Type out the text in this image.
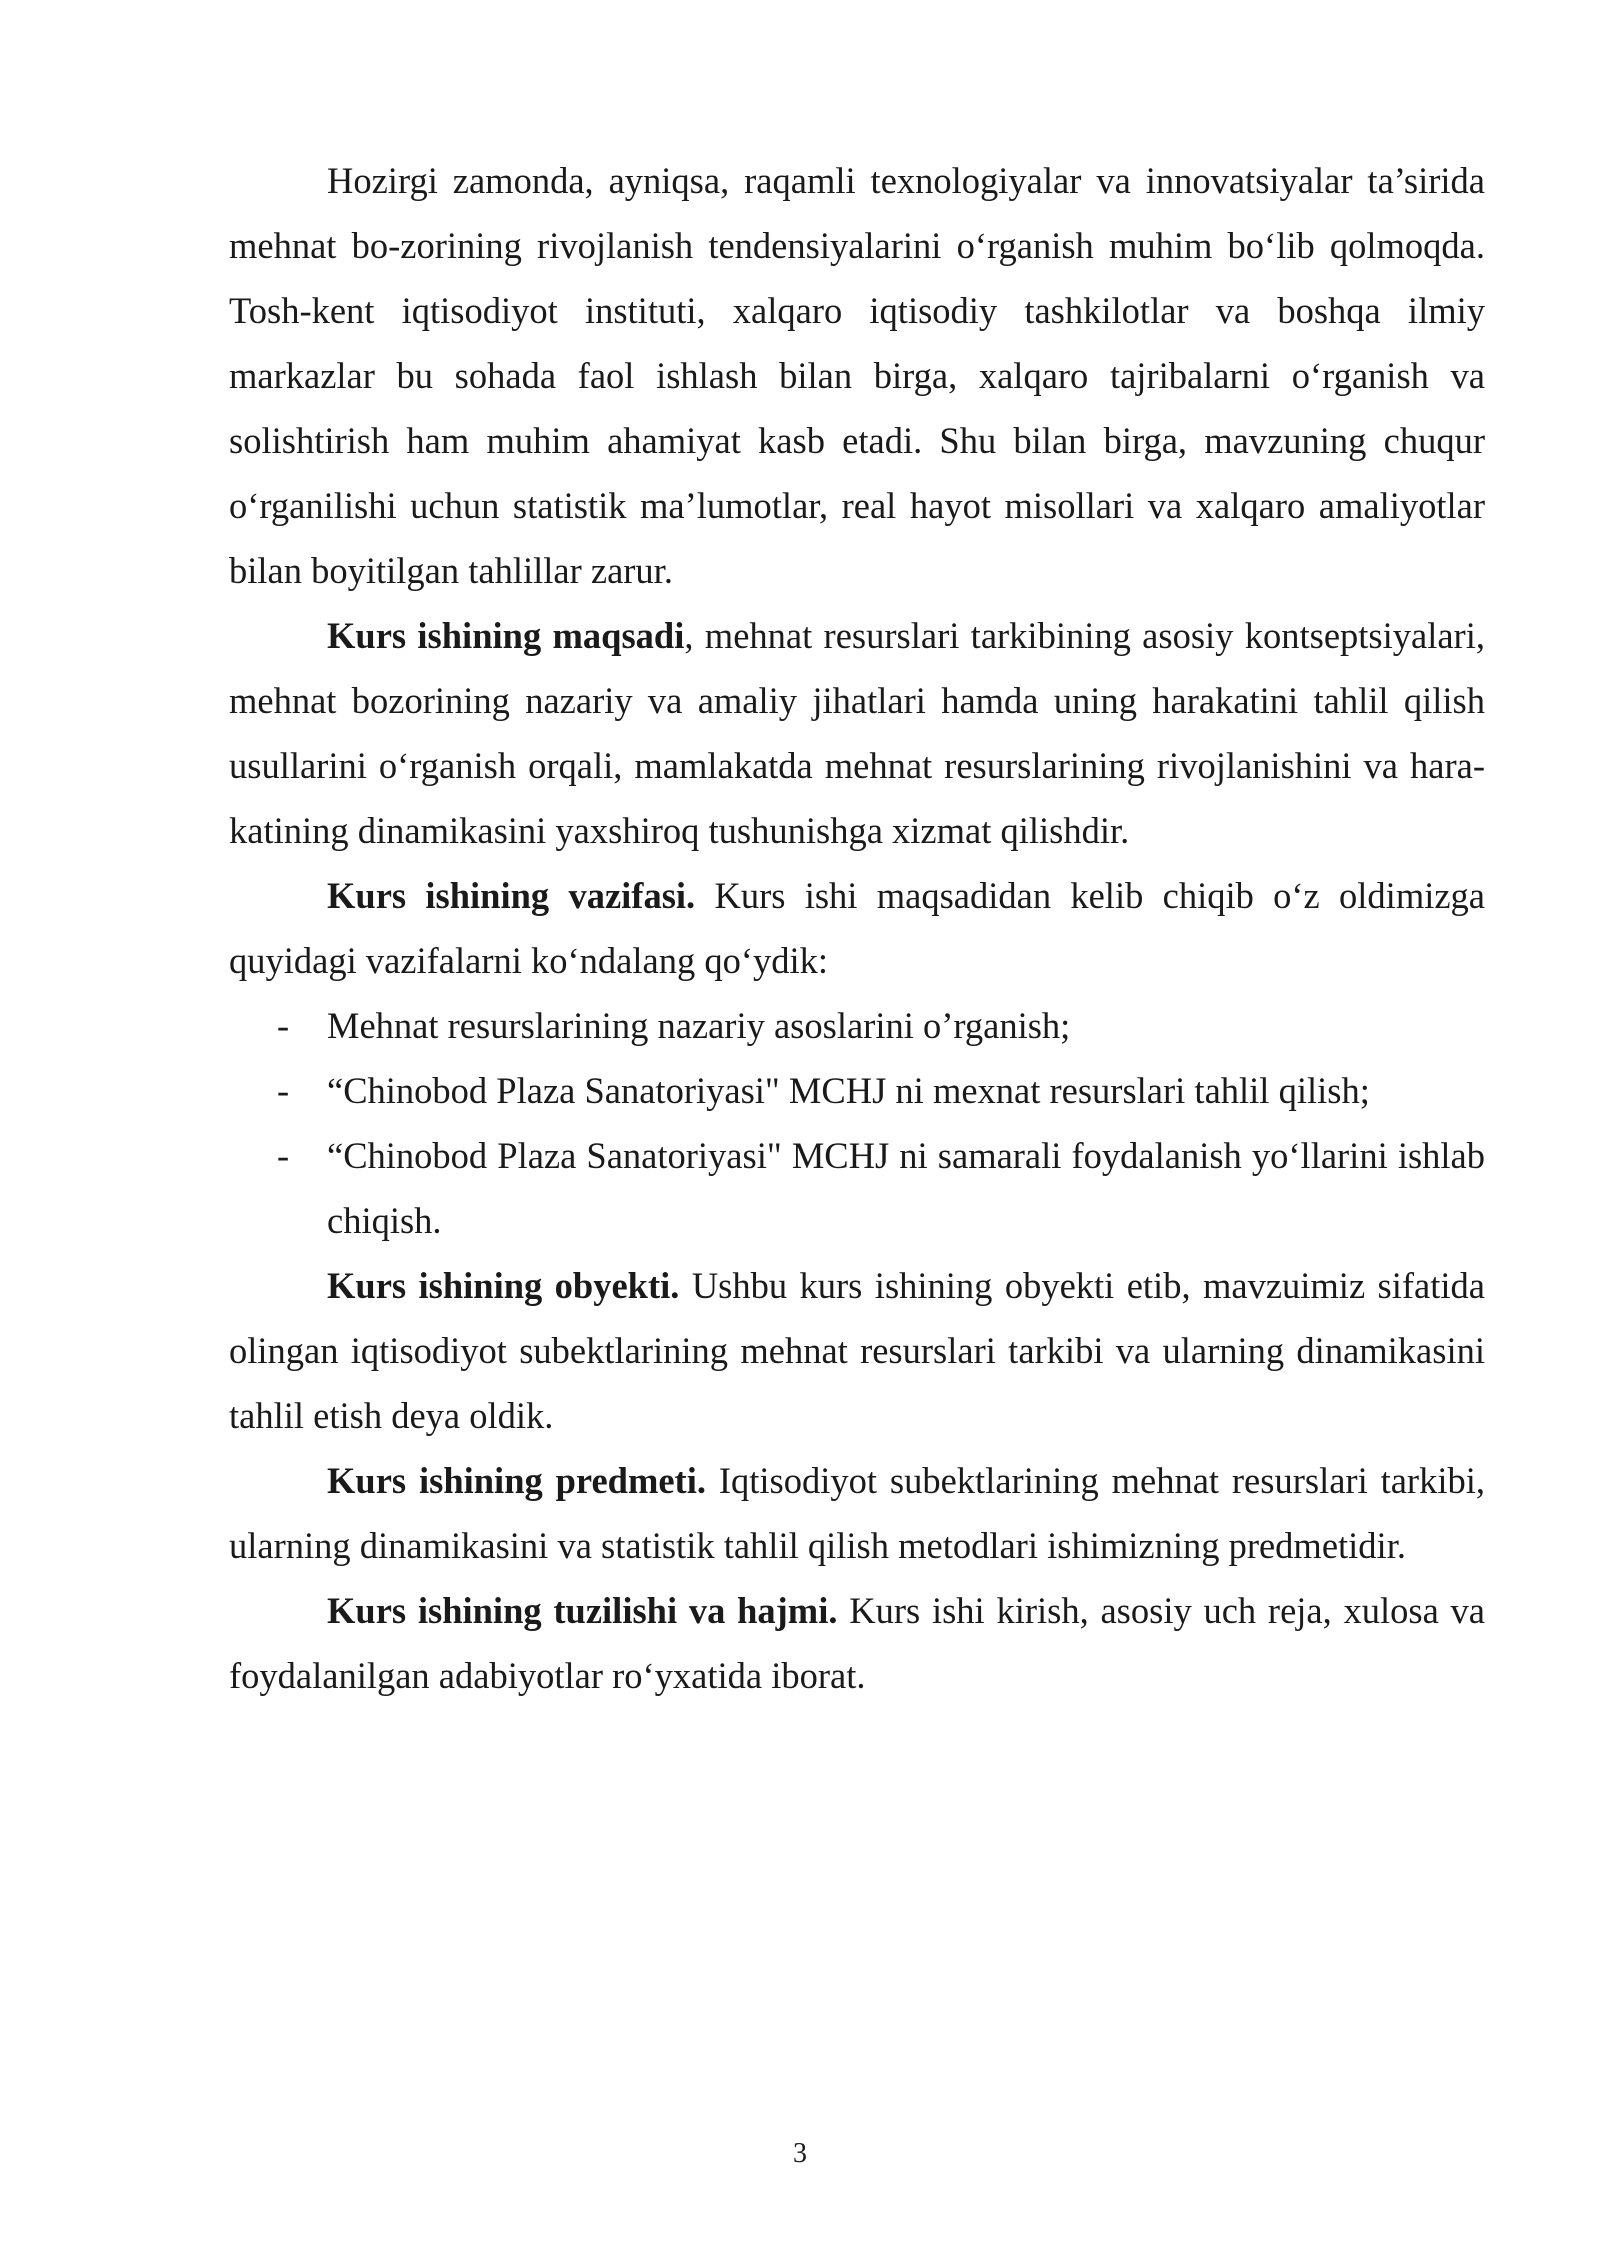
Hozirgi zamonda, ayniqsa, raqamli texnologiyalar va innovatsiyalar ta’sirida mehnat bo-zorining rivojlanish tendensiyalarini o‘rganish muhim bo‘lib qolmoqda. Tosh-kent iqtisodiyot instituti, xalqaro iqtisodiy tashkilotlar va boshqa ilmiy markazlar bu sohada faol ishlash bilan birga, xalqaro tajribalarni o‘rganish va solishtirish ham muhim ahamiyat kasb etadi. Shu bilan birga, mavzuning chuqur o‘rganilishi uchun statistik ma’lumotlar, real hayot misollari va xalqaro amaliyotlar bilan boyitilgan tahlillar zarur.

Kurs ishining maqsadi, mehnat resurslari tarkibining asosiy kontseptsiyalari, mehnat bozorining nazariy va amaliy jihatlari hamda uning harakatini tahlil qilish usullarini o‘rganish orqali, mamlakatda mehnat resurslarining rivojlanishini va hara-katining dinamikasini yaxshiroq tushunishga xizmat qilishdir.

Kurs ishining vazifasi. Kurs ishi maqsadidan kelib chiqib o‘z oldimizga quyidagi vazifalarni ko‘ndalang qo‘ydik:

- Mehnat resurslarining nazariy asoslarini o’rganish;
- “Chinobod Plaza Sanatoriyasi" MCHJ ni mexnat resurslari tahlil qilish;
- “Chinobod Plaza Sanatoriyasi" MCHJ ni samarali foydalanish yo‘llarini ishlab chiqish.

Kurs ishining obyekti. Ushbu kurs ishining obyekti etib, mavzuimiz sifatida olingan iqtisodiyot subektlarining mehnat resurslari tarkibi va ularning dinamikasini tahlil etish deya oldik.

Kurs ishining predmeti. Iqtisodiyot subektlarining mehnat resurslari tarkibi, ularning dinamikasini va statistik tahlil qilish metodlari ishimizning predmetidir.

Kurs ishining tuzilishi va hajmi. Kurs ishi kirish, asosiy uch reja, xulosa va foydalanilgan adabiyotlar ro‘yxatida iborat.

3
